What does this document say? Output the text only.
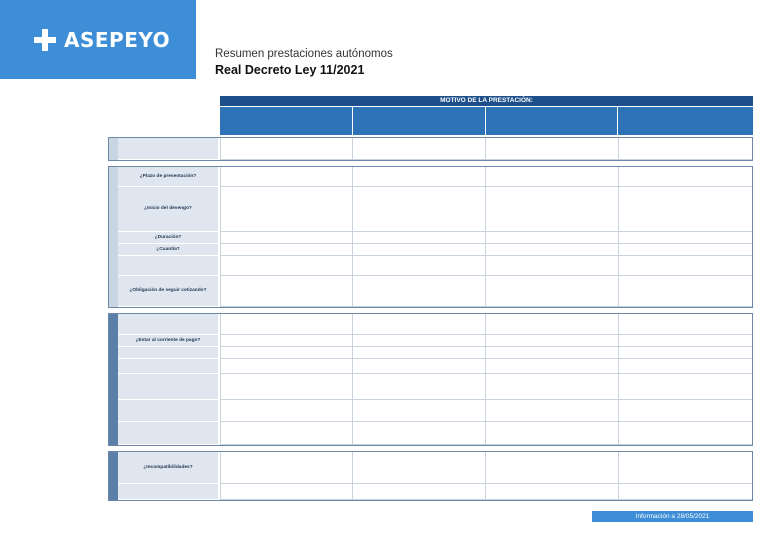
ASEPEYO
Resumen prestaciones autónomos
Real Decreto Ley 11/2021
MOTIVO DE LA PRESTACIÓN:
¿Plazo de presentación?
¿Inicio del devengo?
¿Duración?
¿Cuantía?
¿Obligación de seguir cotizando?
¿Estar al corriente de pago?
¿Incompatibilidades?
Información a 28/05/2021
